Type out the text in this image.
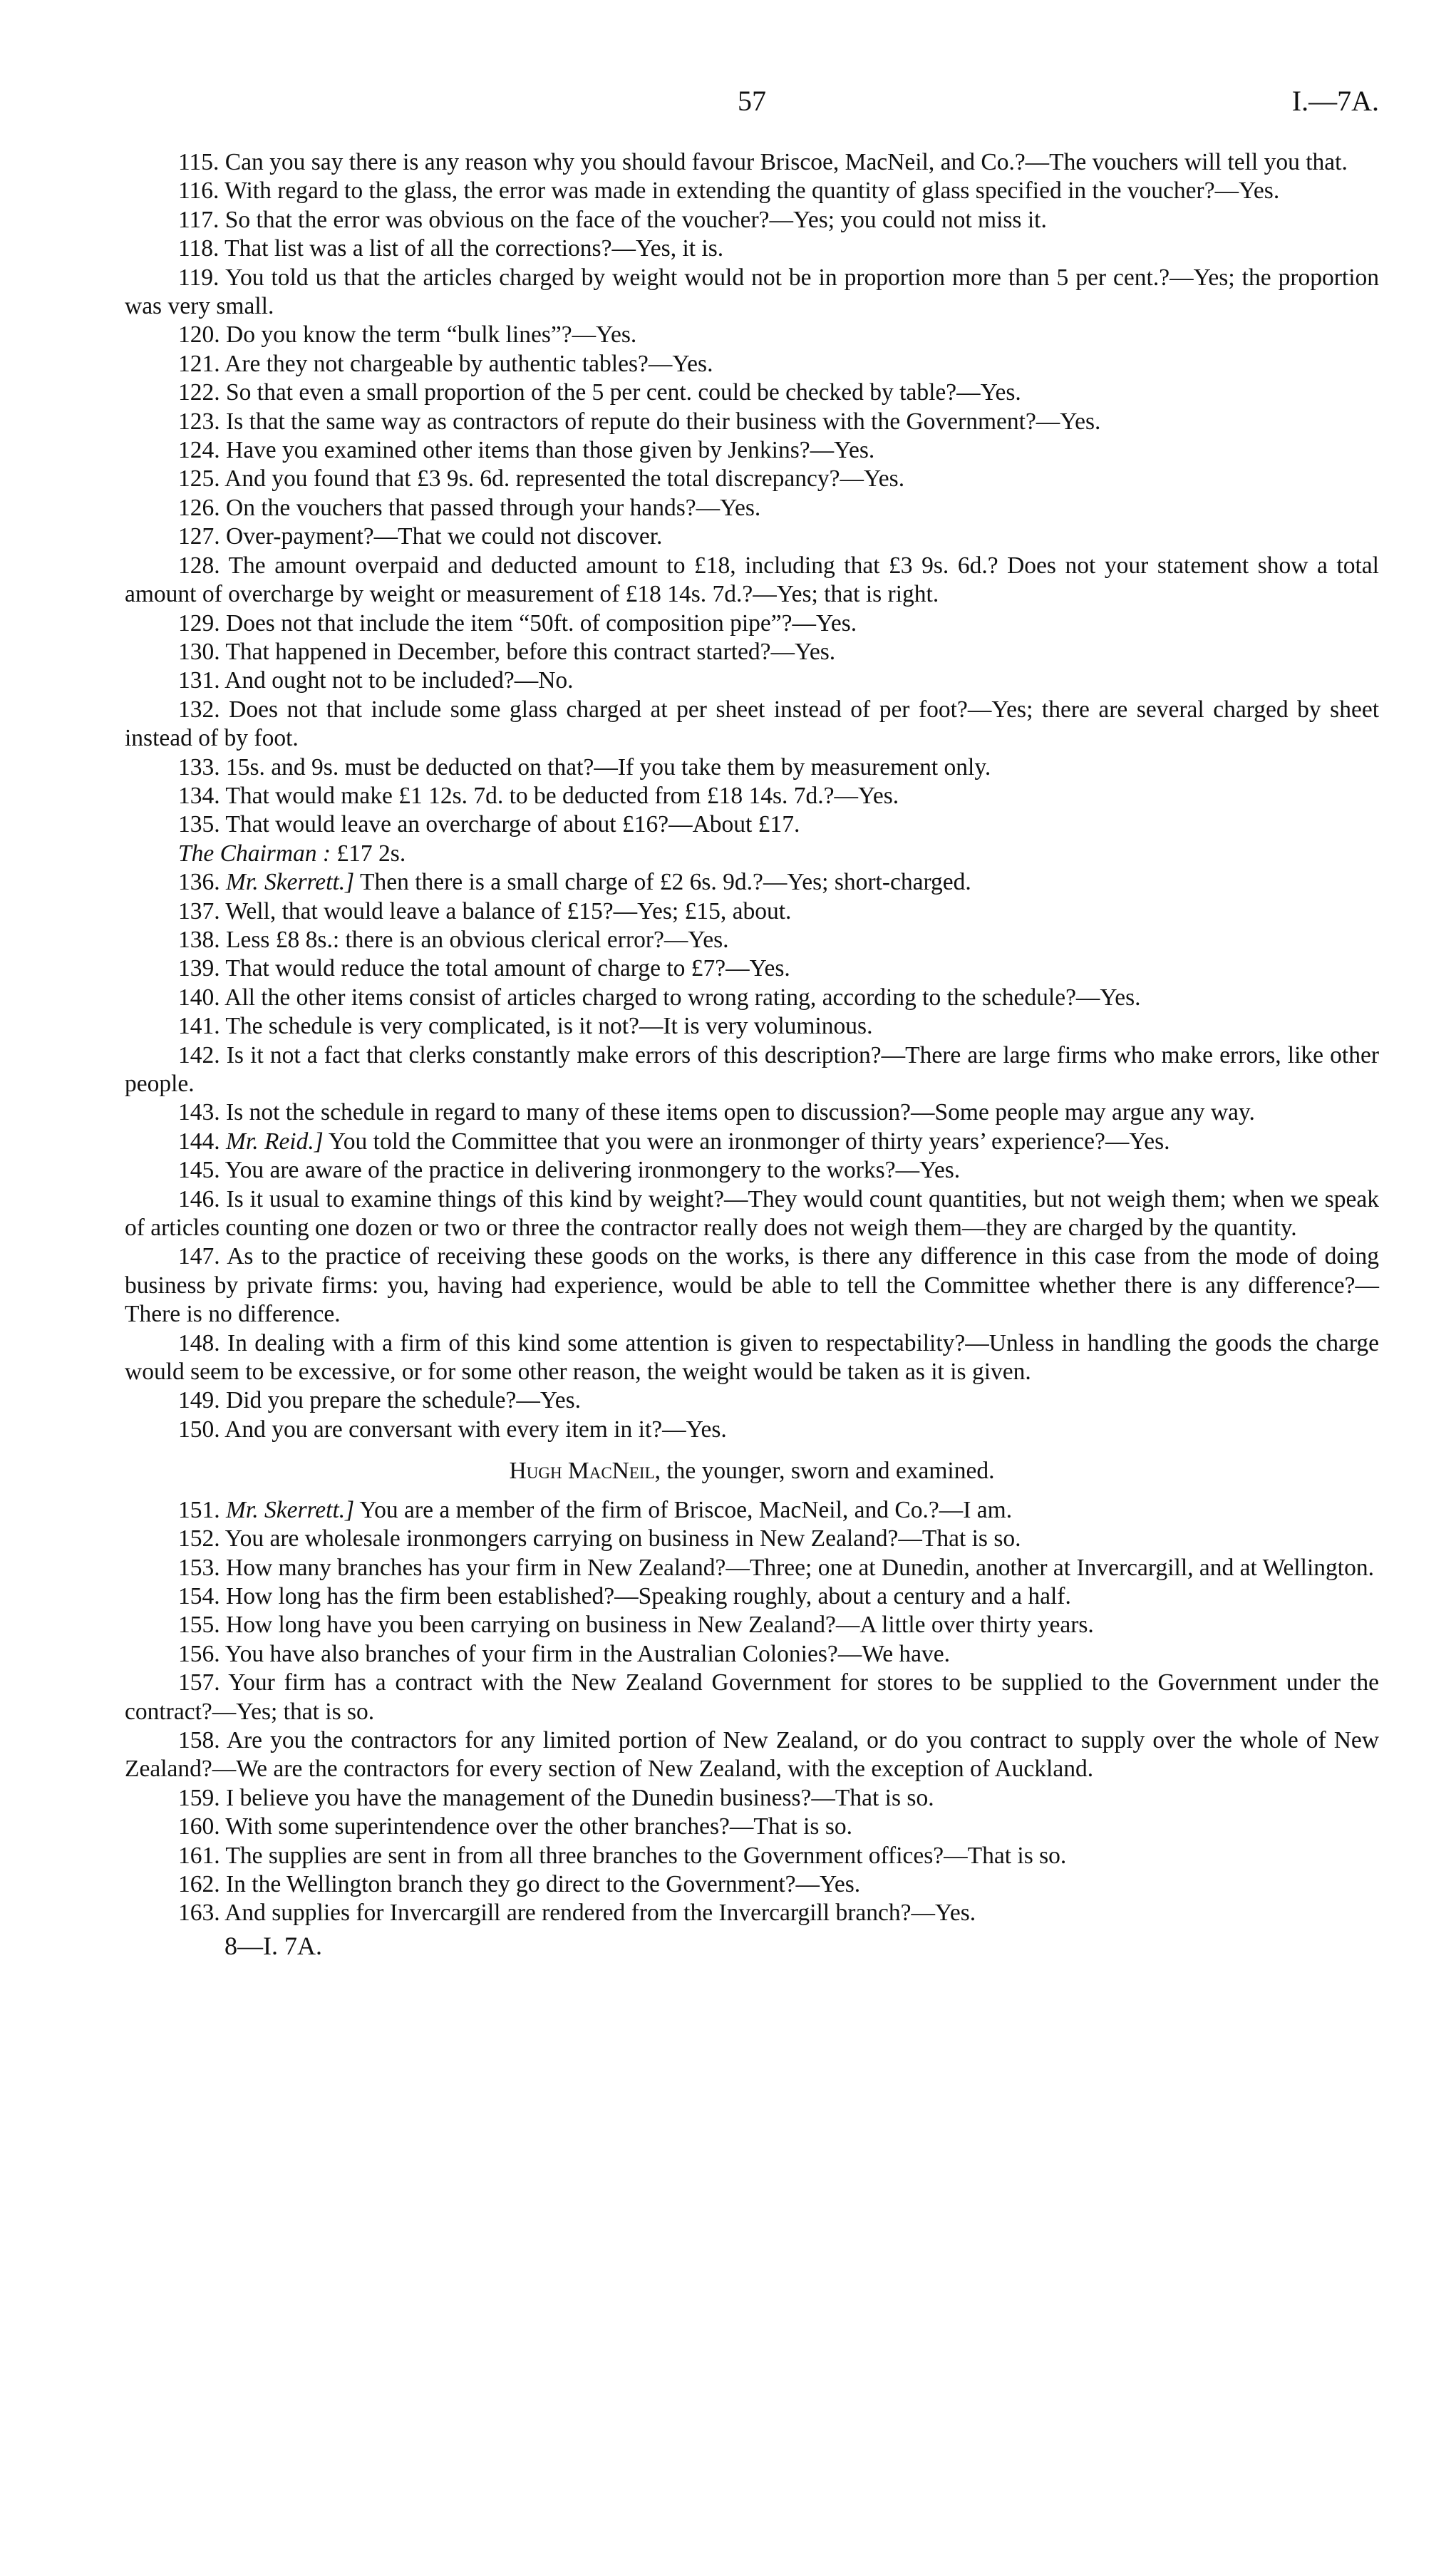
57	I.—7A.

115. Can you say there is any reason why you should favour Briscoe, MacNeil, and Co.?—The vouchers will tell you that.

116. With regard to the glass, the error was made in extending the quantity of glass specified in the voucher?—Yes.

117. So that the error was obvious on the face of the voucher?—Yes; you could not miss it.

118. That list was a list of all the corrections?—Yes, it is.

119. You told us that the articles charged by weight would not be in proportion more than 5 per cent.?—Yes; the proportion was very small.

120. Do you know the term “bulk lines”?—Yes.

121. Are they not chargeable by authentic tables?—Yes.

122. So that even a small proportion of the 5 per cent. could be checked by table?—Yes.

123. Is that the same way as contractors of repute do their business with the Government?—Yes.

124. Have you examined other items than those given by Jenkins?—Yes.

125. And you found that £3 9s. 6d. represented the total discrepancy?—Yes.

126. On the vouchers that passed through your hands?—Yes.

127. Over-payment?—That we could not discover.

128. The amount overpaid and deducted amount to £18, including that £3 9s. 6d.? Does not your statement show a total amount of overcharge by weight or measurement of £18 14s. 7d.?—Yes; that is right.

129. Does not that include the item “50ft. of composition pipe”?—Yes.

130. That happened in December, before this contract started?—Yes.

131. And ought not to be included?—No.

132. Does not that include some glass charged at per sheet instead of per foot?—Yes; there are several charged by sheet instead of by foot.

133. 15s. and 9s. must be deducted on that?—If you take them by measurement only.

134. That would make £1 12s. 7d. to be deducted from £18 14s. 7d.?—Yes.

135. That would leave an overcharge of about £16?—About £17.

The Chairman : £17 2s.

136. Mr. Skerrett.] Then there is a small charge of £2 6s. 9d.?—Yes; short-charged.

137. Well, that would leave a balance of £15?—Yes; £15, about.

138. Less £8 8s.: there is an obvious clerical error?—Yes.

139. That would reduce the total amount of charge to £7?—Yes.

140. All the other items consist of articles charged to wrong rating, according to the schedule?—Yes.

141. The schedule is very complicated, is it not?—It is very voluminous.

142. Is it not a fact that clerks constantly make errors of this description?—There are large firms who make errors, like other people.

143. Is not the schedule in regard to many of these items open to discussion?—Some people may argue any way.

144. Mr. Reid.] You told the Committee that you were an ironmonger of thirty years’ experience?—Yes.

145. You are aware of the practice in delivering ironmongery to the works?—Yes.

146. Is it usual to examine things of this kind by weight?—They would count quantities, but not weigh them; when we speak of articles counting one dozen or two or three the contractor really does not weigh them—they are charged by the quantity.

147. As to the practice of receiving these goods on the works, is there any difference in this case from the mode of doing business by private firms: you, having had experience, would be able to tell the Committee whether there is any difference?—There is no difference.

148. In dealing with a firm of this kind some attention is given to respectability?—Unless in handling the goods the charge would seem to be excessive, or for some other reason, the weight would be taken as it is given.

149. Did you prepare the schedule?—Yes.

150. And you are conversant with every item in it?—Yes.

Hugh MacNeil, the younger, sworn and examined.

151. Mr. Skerrett.] You are a member of the firm of Briscoe, MacNeil, and Co.?—I am.

152. You are wholesale ironmongers carrying on business in New Zealand?—That is so.

153. How many branches has your firm in New Zealand?—Three; one at Dunedin, another at Invercargill, and at Wellington.

154. How long has the firm been established?—Speaking roughly, about a century and a half.

155. How long have you been carrying on business in New Zealand?—A little over thirty years.

156. You have also branches of your firm in the Australian Colonies?—We have.

157. Your firm has a contract with the New Zealand Government for stores to be supplied to the Government under the contract?—Yes; that is so.

158. Are you the contractors for any limited portion of New Zealand, or do you contract to supply over the whole of New Zealand?—We are the contractors for every section of New Zealand, with the exception of Auckland.

159. I believe you have the management of the Dunedin business?—That is so.

160. With some superintendence over the other branches?—That is so.

161. The supplies are sent in from all three branches to the Government offices?—That is so.

162. In the Wellington branch they go direct to the Government?—Yes.

163. And supplies for Invercargill are rendered from the Invercargill branch?—Yes.

8—I. 7A.
